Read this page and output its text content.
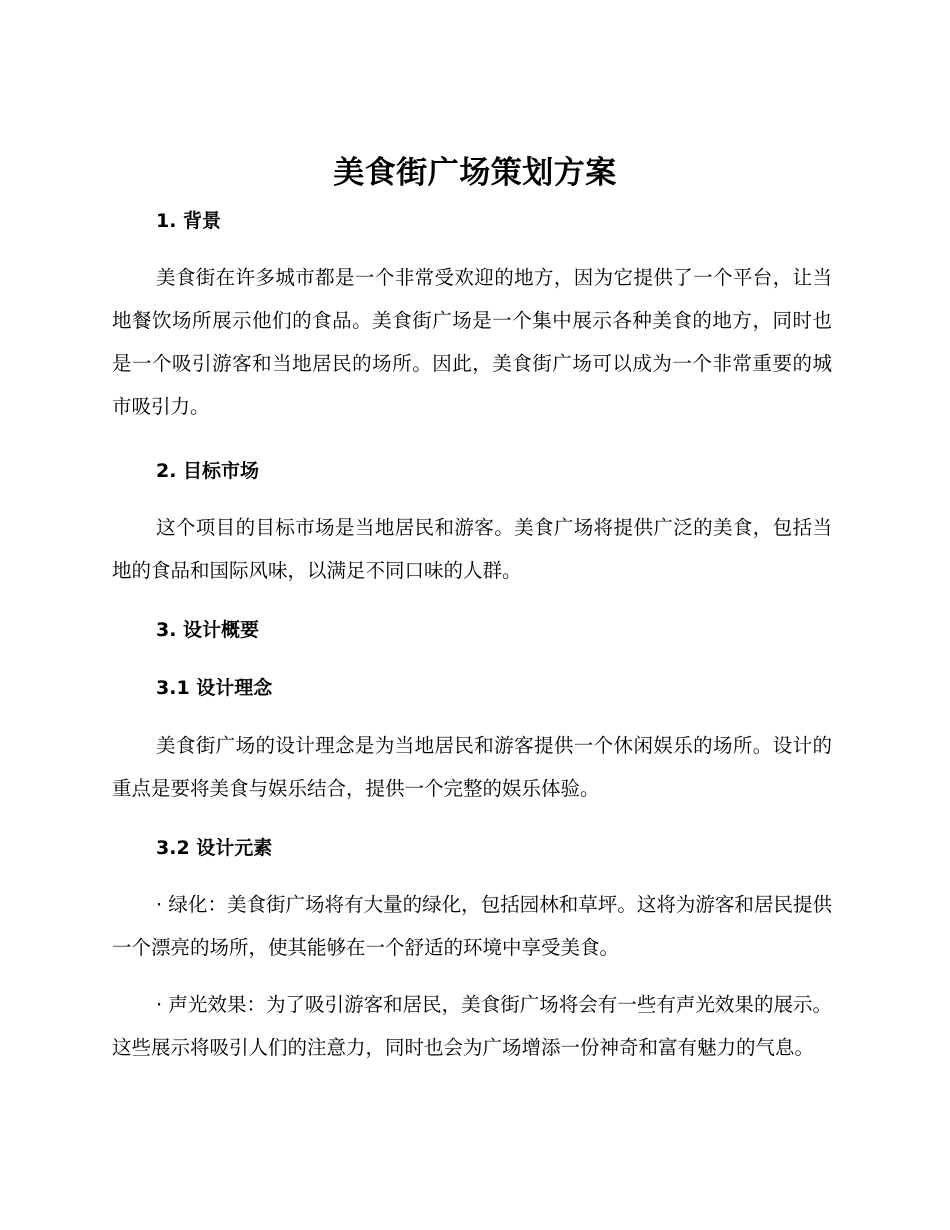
美食街广场策划方案
1. 背景

美食街在许多城市都是一个非常受欢迎的地方，因为它提供了一个平台，让当地餐饮场所展示他们的食品。美食街广场是一个集中展示各种美食的地方，同时也是一个吸引游客和当地居民的场所。因此，美食街广场可以成为一个非常重要的城市吸引力。

2. 目标市场

这个项目的目标市场是当地居民和游客。美食广场将提供广泛的美食，包括当地的食品和国际风味，以满足不同口味的人群。

3. 设计概要
3.1 设计理念

美食街广场的设计理念是为当地居民和游客提供一个休闲娱乐的场所。设计的重点是要将美食与娱乐结合，提供一个完整的娱乐体验。

3.2 设计元素

· 绿化：美食街广场将有大量的绿化，包括园林和草坪。这将为游客和居民提供一个漂亮的场所，使其能够在一个舒适的环境中享受美食。

· 声光效果：为了吸引游客和居民，美食街广场将会有一些有声光效果的展示。这些展示将吸引人们的注意力，同时也会为广场增添一份神奇和富有魅力的气息。
